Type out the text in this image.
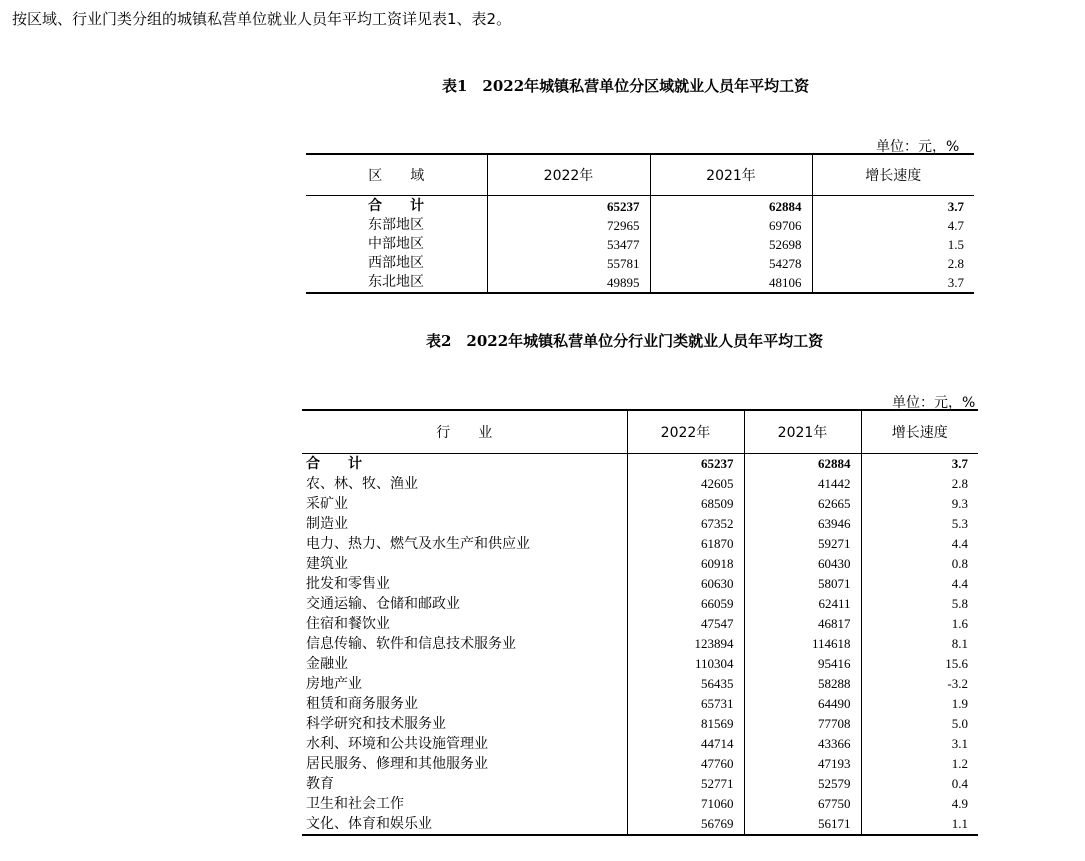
按区域、行业门类分组的城镇私营单位就业人员年平均工资详见表1、表2。
表1　2022年城镇私营单位分区域就业人员年平均工资
单位：元，%
区　　域	2022年	2021年	增长速度
合　　计	65237	62884	3.7
东部地区	72965	69706	4.7
中部地区	53477	52698	1.5
西部地区	55781	54278	2.8
东北地区	49895	48106	3.7
表2　2022年城镇私营单位分行业门类就业人员年平均工资
单位：元，%
行　　业	2022年	2021年	增长速度
合　　计	65237	62884	3.7
农、林、牧、渔业	42605	41442	2.8
采矿业	68509	62665	9.3
制造业	67352	63946	5.3
电力、热力、燃气及水生产和供应业	61870	59271	4.4
建筑业	60918	60430	0.8
批发和零售业	60630	58071	4.4
交通运输、仓储和邮政业	66059	62411	5.8
住宿和餐饮业	47547	46817	1.6
信息传输、软件和信息技术服务业	123894	114618	8.1
金融业	110304	95416	15.6
房地产业	56435	58288	-3.2
租赁和商务服务业	65731	64490	1.9
科学研究和技术服务业	81569	77708	5.0
水利、环境和公共设施管理业	44714	43366	3.1
居民服务、修理和其他服务业	47760	47193	1.2
教育	52771	52579	0.4
卫生和社会工作	71060	67750	4.9
文化、体育和娱乐业	56769	56171	1.1
